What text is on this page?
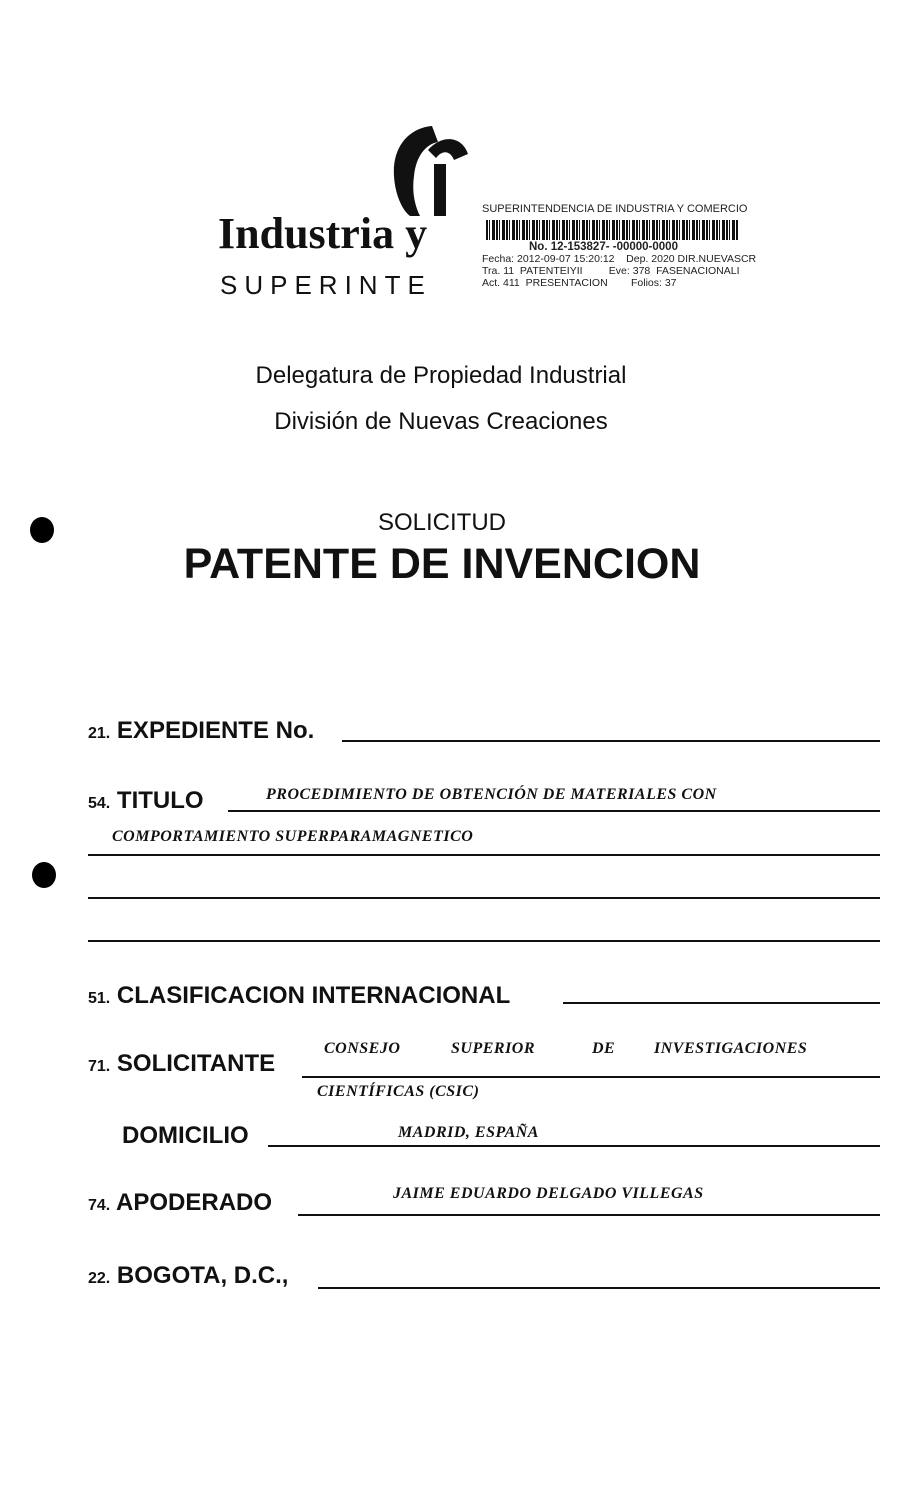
Industria y
SUPERINTE
SUPERINTENDENCIA DE INDUSTRIA Y COMERCIO
No. 12-153827- -00000-0000
Fecha: 2012-09-07 15:20:12    Dep. 2020 DIR.NUEVASCR
Tra. 11  PATENTEIYII         Eve: 378  FASENACIONALI
Act. 411  PRESENTACION        Folios: 37
Delegatura de Propiedad Industrial
División de Nuevas Creaciones
SOLICITUD
PATENTE DE INVENCION
21. EXPEDIENTE No.
54. TITULO	PROCEDIMIENTO DE OBTENCIÓN DE MATERIALES CON
COMPORTAMIENTO SUPERPARAMAGNETICO
51. CLASIFICACION INTERNACIONAL
71. SOLICITANTE
CONSEJO	SUPERIOR	DE INVESTIGACIONES
CIENTÍFICAS (CSIC)
DOMICILIO	MADRID, ESPAÑA
74. APODERADO	JAIME EDUARDO DELGADO VILLEGAS
22. BOGOTA, D.C.,
